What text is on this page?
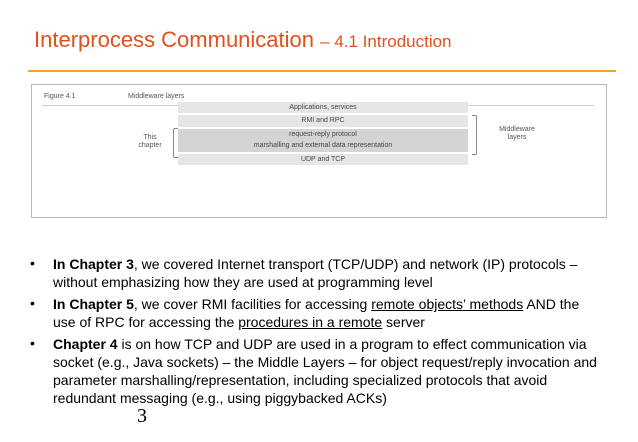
Interprocess Communication – 4.1 Introduction
Figure 4.1	Middleware layers
Applications, services
RMI and RPC
request-reply protocol
marshalling and external data representation
UDP and TCP
This
chapter
Middleware
layers
• In Chapter 3, we covered Internet transport (TCP/UDP) and network (IP) protocols – without emphasizing how they are used at programming level
• In Chapter 5, we cover RMI facilities for accessing remote objects’ methods AND the use of RPC for accessing the procedures in a remote server
• Chapter 4 is on how TCP and UDP are used in a program to effect communication via socket (e.g., Java sockets) – the Middle Layers – for object request/reply invocation and parameter marshalling/representation, including specialized protocols that avoid redundant messaging (e.g., using piggybacked ACKs)
3
